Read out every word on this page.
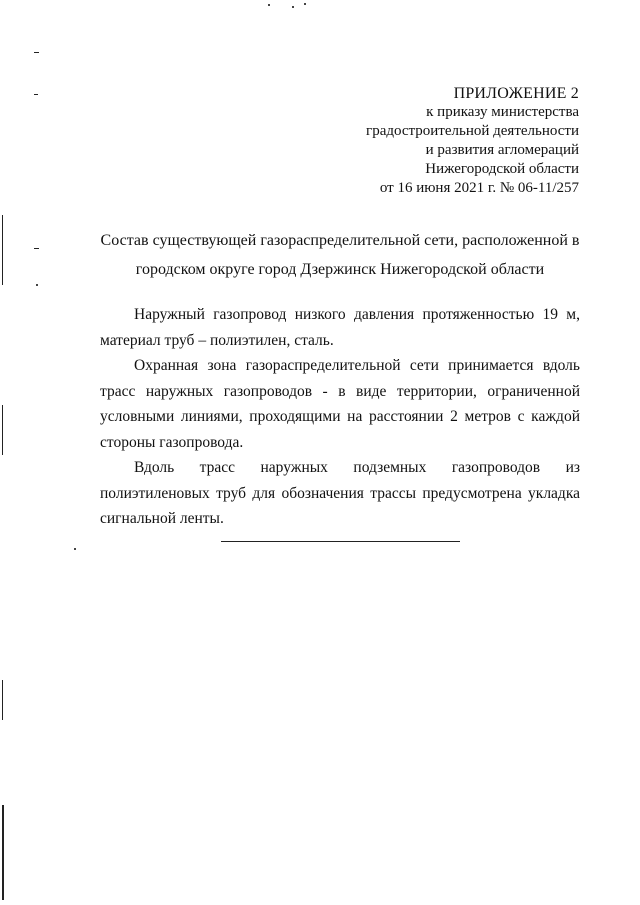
ПРИЛОЖЕНИЕ 2
к приказу министерства
градостроительной деятельности
и развития агломераций
Нижегородской области
от 16 июня 2021 г. № 06-11/257
Состав существующей газораспределительной сети, расположенной в
городском округе город Дзержинск Нижегородской области

Наружный газопровод низкого давления протяженностью 19 м, материал труб – полиэтилен, сталь.

Охранная зона газораспределительной сети принимается вдоль трасс наружных газопроводов - в виде территории, ограниченной условными линиями, проходящими на расстоянии 2 метров с каждой стороны газопровода.

Вдоль трасс наружных подземных газопроводов из полиэтиленовых труб для обозначения трассы предусмотрена укладка сигнальной ленты.
